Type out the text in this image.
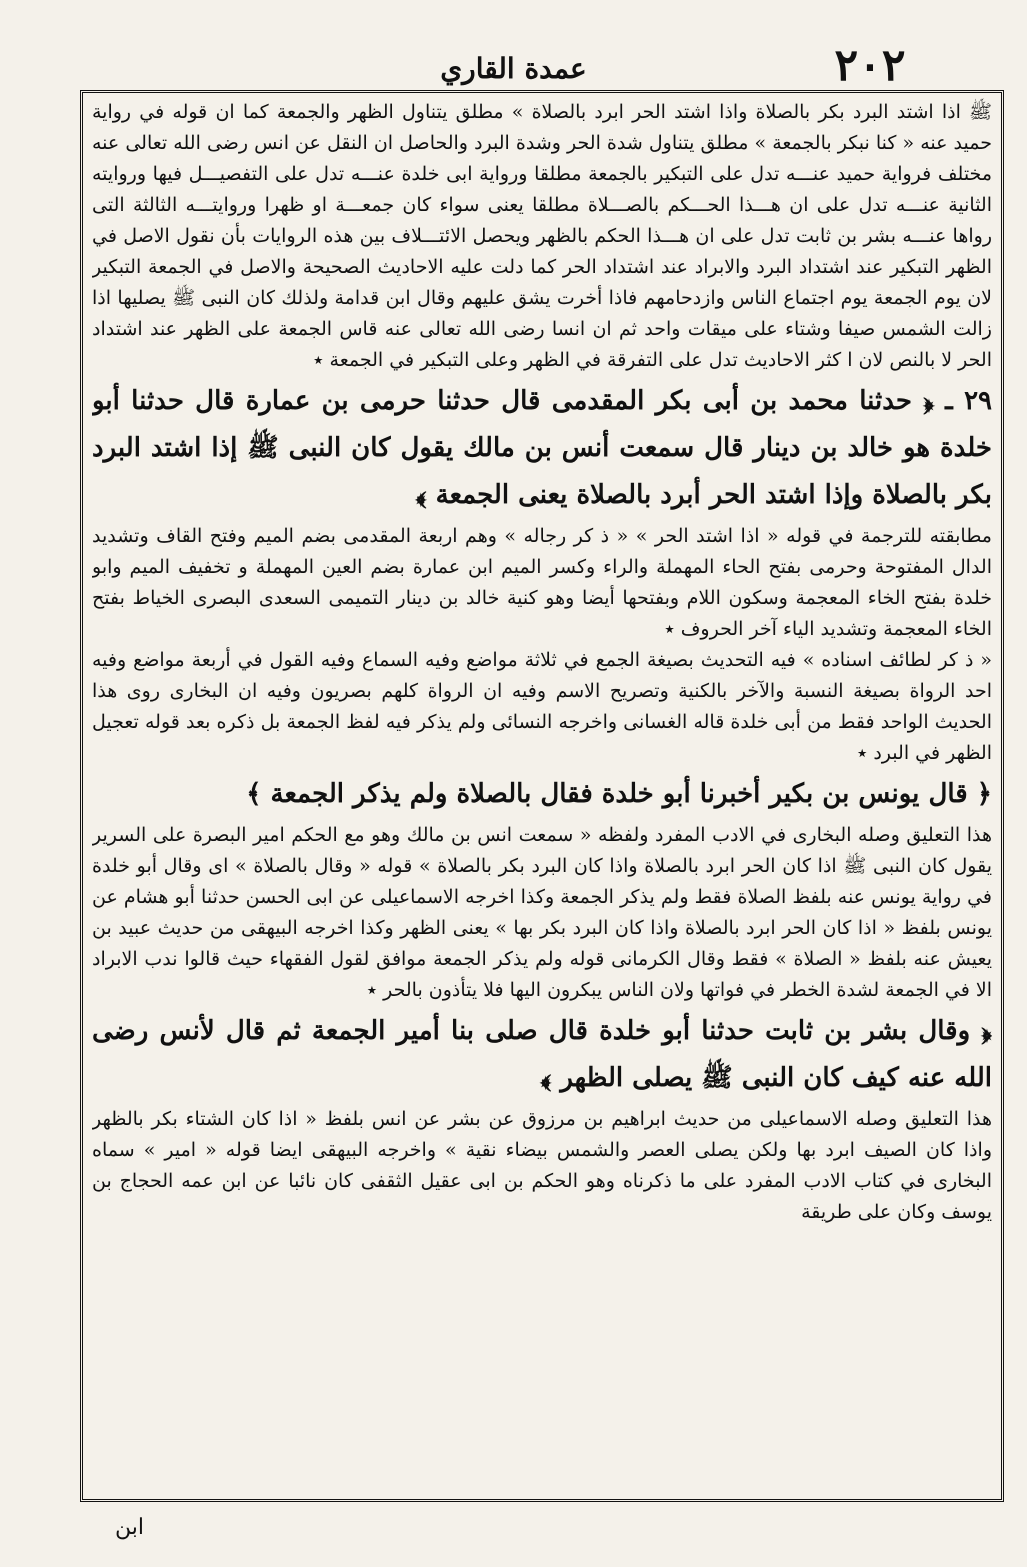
٢٠٢
عمدة القاري

ﷺ اذا اشتد البرد بكر بالصلاة واذا اشتد الحر ابرد بالصلاة » مطلق يتناول الظهر والجمعة كما ان قوله في رواية حميد عنه « كنا نبكر بالجمعة » مطلق يتناول شدة الحر وشدة البرد والحاصل ان النقل عن انس رضى الله تعالى عنه مختلف فرواية حميد عنـــه تدل على التبكير بالجمعة مطلقا ورواية ابى خلدة عنـــه تدل على التفصيـــل فيها وروايته الثانية عنـــه تدل على ان هـــذا الحـــكم بالصـــلاة مطلقا يعنى سواء كان جمعـــة او ظهرا وروايتـــه الثالثة التى رواها عنـــه بشر بن ثابت تدل على ان هـــذا الحكم بالظهر ويحصل الائتـــلاف بين هذه الروايات بأن نقول الاصل في الظهر التبكير عند اشتداد البرد والابراد عند اشتداد الحر كما دلت عليه الاحاديث الصحيحة والاصل في الجمعة التبكير لان يوم الجمعة يوم اجتماع الناس وازدحامهم فاذا أخرت يشق عليهم وقال ابن قدامة ولذلك كان النبى ﷺ يصليها اذا زالت الشمس صيفا وشتاء على ميقات واحد ثم ان انسا رضى الله تعالى عنه قاس الجمعة على الظهر عند اشتداد الحر لا بالنص لان ا كثر الاحاديث تدل على التفرقة في الظهر وعلى التبكير في الجمعة ٭

٢٩ ـ ﴿ حدثنا محمد بن أبى بكر المقدمى قال حدثنا حرمى بن عمارة قال حدثنا أبو خلدة هو خالد بن دينار قال سمعت أنس بن مالك يقول كان النبى ﷺ إذا اشتد البرد بكر بالصلاة وإذا اشتد الحر أبرد بالصلاة يعنى الجمعة ﴾

مطابقته للترجمة في قوله « اذا اشتد الحر » « ذ كر رجاله » وهم اربعة المقدمى بضم الميم وفتح القاف وتشديد الدال المفتوحة وحرمى بفتح الحاء المهملة والراء وكسر الميم ابن عمارة بضم العين المهملة و تخفيف الميم وابو خلدة بفتح الخاء المعجمة وسكون اللام وبفتحها أيضا وهو كنية خالد بن دينار التميمى السعدى البصرى الخياط بفتح الخاء المعجمة وتشديد الياء آخر الحروف ٭

« ذ كر لطائف اسناده » فيه التحديث بصيغة الجمع في ثلاثة مواضع وفيه السماع وفيه القول في أربعة مواضع وفيه احد الرواة بصيغة النسبة والآخر بالكنية وتصريح الاسم وفيه ان الرواة كلهم بصريون وفيه ان البخارى روى هذا الحديث الواحد فقط من أبى خلدة قاله الغسانى واخرجه النسائى ولم يذكر فيه لفظ الجمعة بل ذكره بعد قوله تعجيل الظهر في البرد ٭

﴿ قال يونس بن بكير أخبرنا أبو خلدة فقال بالصلاة ولم يذكر الجمعة ﴾

هذا التعليق وصله البخارى في الادب المفرد ولفظه « سمعت انس بن مالك وهو مع الحكم امير البصرة على السرير يقول كان النبى ﷺ اذا كان الحر ابرد بالصلاة واذا كان البرد بكر بالصلاة » قوله « وقال بالصلاة » اى وقال أبو خلدة في رواية يونس عنه بلفظ الصلاة فقط ولم يذكر الجمعة وكذا اخرجه الاسماعيلى عن ابى الحسن حدثنا أبو هشام عن يونس بلفظ « اذا كان الحر ابرد بالصلاة واذا كان البرد بكر بها » يعنى الظهر وكذا اخرجه البيهقى من حديث عبيد بن يعيش عنه بلفظ « الصلاة » فقط وقال الكرمانى قوله ولم يذكر الجمعة موافق لقول الفقهاء حيث قالوا ندب الابراد الا في الجمعة لشدة الخطر في فواتها ولان الناس يبكرون اليها فلا يتأذون بالحر ٭

﴿ وقال بشر بن ثابت حدثنا أبو خلدة قال صلى بنا أمير الجمعة ثم قال لأنس رضى الله عنه كيف كان النبى ﷺ يصلى الظهر ﴾

هذا التعليق وصله الاسماعيلى من حديث ابراهيم بن مرزوق عن بشر عن انس بلفظ « اذا كان الشتاء بكر بالظهر واذا كان الصيف ابرد بها ولكن يصلى العصر والشمس بيضاء نقية » واخرجه البيهقى ايضا قوله « امير » سماه البخارى في كتاب الادب المفرد على ما ذكرناه وهو الحكم بن ابى عقيل الثقفى كان نائبا عن ابن عمه الحجاج بن يوسف وكان على طريقة

ابن
